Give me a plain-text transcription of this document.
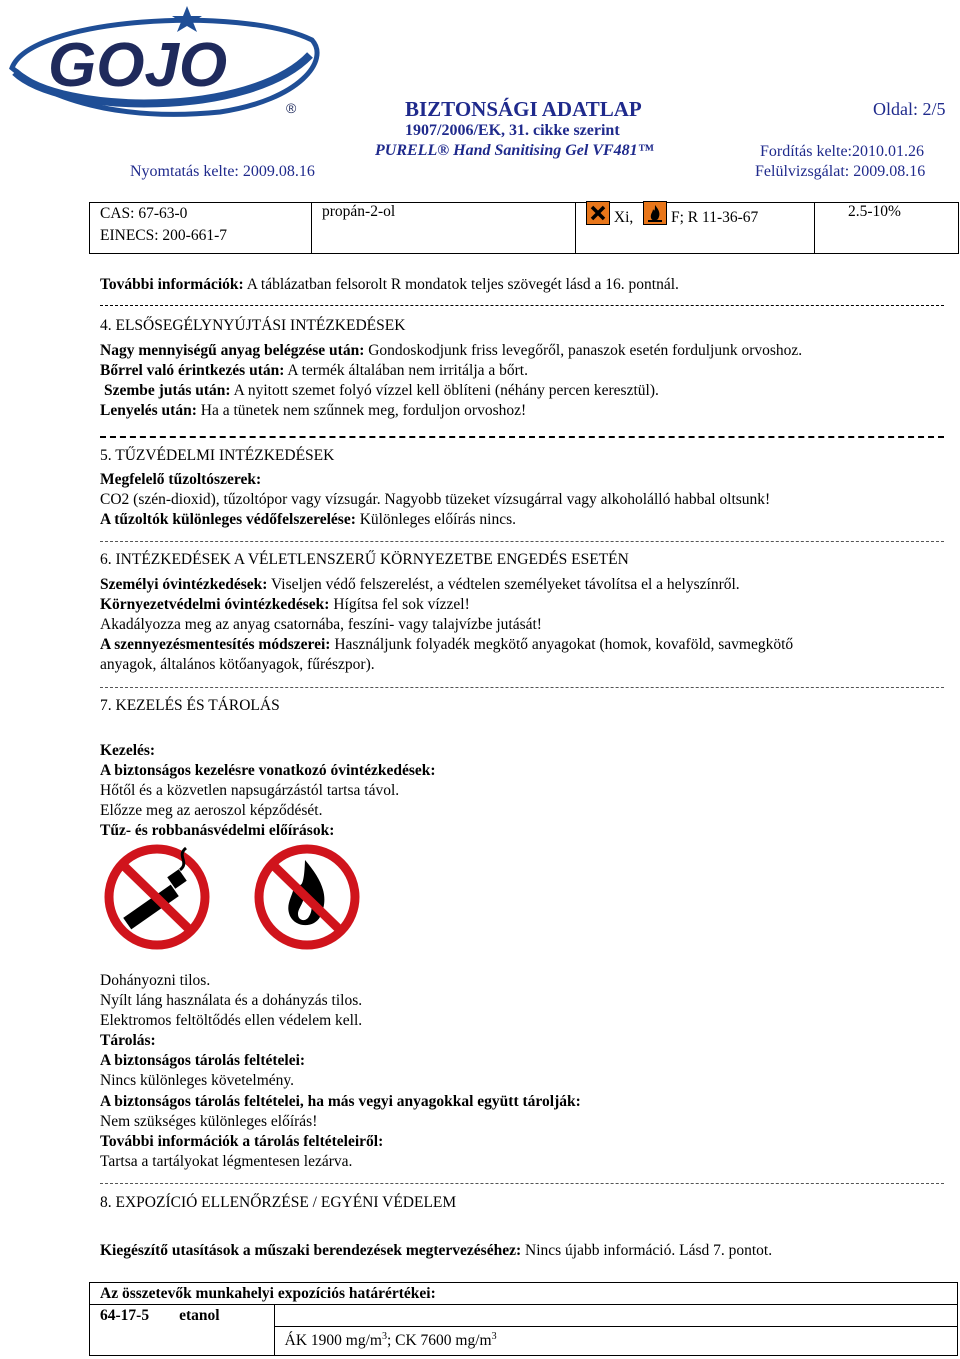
GOJO
®	BIZTONSÁGI ADATLAP	Oldal: 2/5
1907/2006/EK, 31. cikke szerint
PURELL® Hand Sanitising Gel VF481™	Fordítás kelte:2010.01.26
Nyomtatás kelte: 2009.08.16	Felülvizsgálat: 2009.08.16
CAS: 67-63-0
EINECS: 200-661-7
	propán-2-ol	Xi, F; R 11-36-67	2.5-10%
További információk: A táblázatban felsorolt R mondatok teljes szövegét lásd a 16. pontnál.
4. ELSŐSEGÉLYNYÚJTÁSI INTÉZKEDÉSEK
Nagy mennyiségű anyag belégzése után: Gondoskodjunk friss levegőről, panaszok esetén forduljunk orvoshoz.
Bőrrel való érintkezés után: A termék általában nem irritálja a bőrt.
Szembe jutás után: A nyitott szemet folyó vízzel kell öblíteni (néhány percen keresztül).
Lenyelés után: Ha a tünetek nem szűnnek meg, forduljon orvoshoz!
5. TŰZVÉDELMI INTÉZKEDÉSEK
Megfelelő tűzoltószerek:
CO2 (szén-dioxid), tűzoltópor vagy vízsugár. Nagyobb tüzeket vízsugárral vagy alkoholálló habbal oltsunk!
A tűzoltók különleges védőfelszerelése: Különleges előírás nincs.
6. INTÉZKEDÉSEK A VÉLETLENSZERŰ KÖRNYEZETBE ENGEDÉS ESETÉN
Személyi óvintézkedések: Viseljen védő felszerelést, a védtelen személyeket távolítsa el a helyszínről.
Környezetvédelmi óvintézkedések: Hígítsa fel sok vízzel!
Akadályozza meg az anyag csatornába, feszíni- vagy talajvízbe jutását!
A szennyezésmentesítés módszerei: Használjunk folyadék megkötő anyagokat (homok, kovaföld, savmegkötő
anyagok, általános kötőanyagok, fűrészpor).
7. KEZELÉS ÉS TÁROLÁS
Kezelés:
A biztonságos kezelésre vonatkozó óvintézkedések:
Hőtől és a közvetlen napsugárzástól tartsa távol.
Előzze meg az aeroszol képződését.
Tűz- és robbanásvédelmi előírások:
Dohányozni tilos.
Nyílt láng használata és a dohányzás tilos.
Elektromos feltöltődés ellen védelem kell.
Tárolás:
A biztonságos tárolás feltételei:
Nincs különleges követelmény.
A biztonságos tárolás feltételei, ha más vegyi anyagokkal együtt tárolják:
Nem szükséges különleges előírás!
További információk a tárolás feltételeiről:
Tartsa a tartályokat légmentesen lezárva.
8. EXPOZÍCIÓ ELLENŐRZÉSE / EGYÉNI VÉDELEM
Kiegészítő utasítások a műszaki berendezések megtervezéséhez: Nincs újabb információ. Lásd 7. pontot.
Az összetevők munkahelyi expozíciós határértékei:	
64-17-5 etanol	
	ÁK 1900 $mg/m^3$; CK 7600 $mg/m^3$
